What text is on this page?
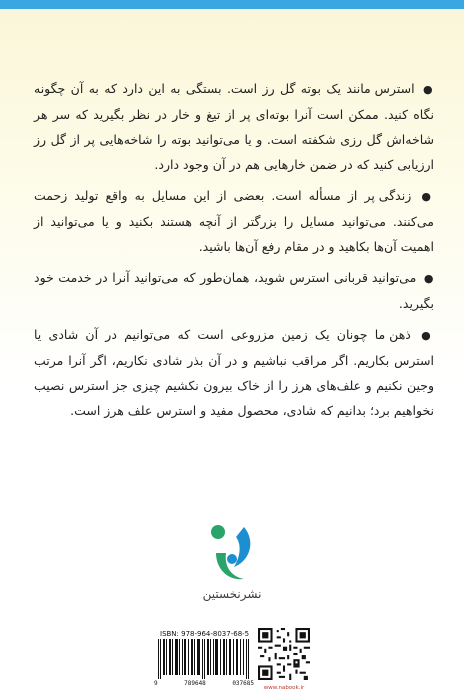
● استرس مانند یک بوته گل رز است. بستگی به این دارد که به آن چگونه نگاه کنید. ممکن است آنرا بوته‌ای پر از تیغ و خار در نظر بگیرید که سر هر شاخه‌اش گل رزی شکفته است. و یا می‌توانید بوته را شاخه‌هایی پر از گل رز ارزیابی کنید که در ضمن خارهایی هم در آن وجود دارد.

● زندگی پر از مسأله است. بعضی از این مسایل به واقع تولید زحمت می‌کنند. می‌توانید مسایل را بزرگتر از آنچه هستند بکنید و یا می‌توانید از اهمیت آن‌ها بکاهید و در مقام رفع آن‌ها باشید.

● می‌توانید قربانی استرس شوید، همان‌طور که می‌توانید آنرا در خدمت خود بگیرید.

● ذهن ما چونان یک زمین مزروعی است که می‌توانیم در آن شادی یا استرس بکاریم. اگر مراقب نباشیم و در آن بذر شادی نکاریم، اگر آنرا مرتب وجین نکنیم و علف‌های هرز را از خاک بیرون نکشیم چیزی جز استرس نصیب نخواهیم برد؛ بدانیم که شادی، محصول مفید و استرس علف هرز است.

نشرنخستین
ISBN: 978-964-8037-68-5
9	789648	037685
www.nabook.ir
